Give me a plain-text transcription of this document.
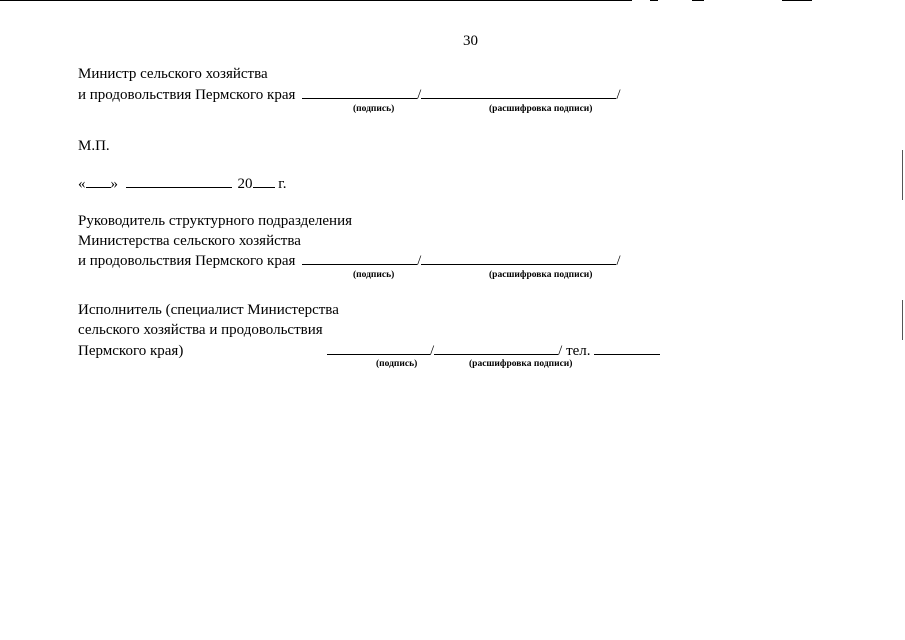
30
Министр сельского хозяйства
и продовольствия Пермского края	/	/
(подпись)	(расшифровка подписи)
М.П.
« »	20 г.
Руководитель структурного подразделения
Министерства сельского хозяйства
и продовольствия Пермского края	/	/
(подпись)	(расшифровка подписи)
Исполнитель (специалист Министерства
сельского хозяйства и продовольствия
Пермского края)	/	/ тел.
(подпись)	(расшифровка подписи)
